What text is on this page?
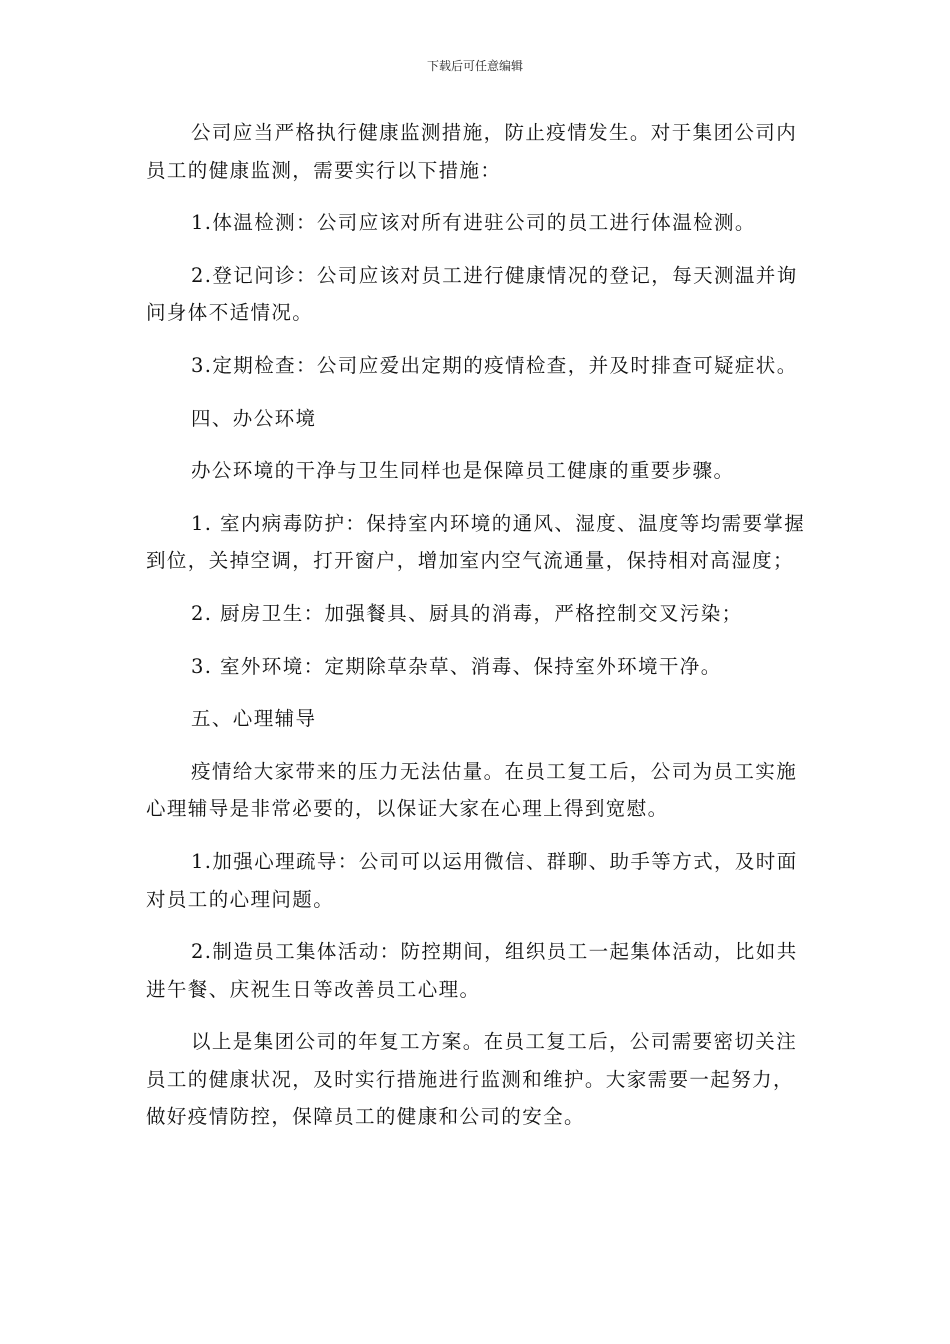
下载后可任意编辑

公司应当严格执行健康监测措施，防止疫情发生。对于集团公司内员工的健康监测，需要实行以下措施：

1.体温检测：公司应该对所有进驻公司的员工进行体温检测。

2.登记问诊：公司应该对员工进行健康情况的登记，每天测温并询问身体不适情况。

3.定期检查：公司应爱出定期的疫情检查，并及时排查可疑症状。

四、办公环境

办公环境的干净与卫生同样也是保障员工健康的重要步骤。

1. 室内病毒防护：保持室内环境的通风、湿度、温度等均需要掌握到位，关掉空调，打开窗户，增加室内空气流通量，保持相对高湿度；

2. 厨房卫生：加强餐具、厨具的消毒，严格控制交叉污染；

3. 室外环境：定期除草杂草、消毒、保持室外环境干净。

五、心理辅导

疫情给大家带来的压力无法估量。在员工复工后，公司为员工实施心理辅导是非常必要的，以保证大家在心理上得到宽慰。

1.加强心理疏导：公司可以运用微信、群聊、助手等方式，及时面对员工的心理问题。

2.制造员工集体活动：防控期间，组织员工一起集体活动，比如共进午餐、庆祝生日等改善员工心理。

以上是集团公司的年复工方案。在员工复工后，公司需要密切关注员工的健康状况，及时实行措施进行监测和维护。大家需要一起努力，做好疫情防控，保障员工的健康和公司的安全。
